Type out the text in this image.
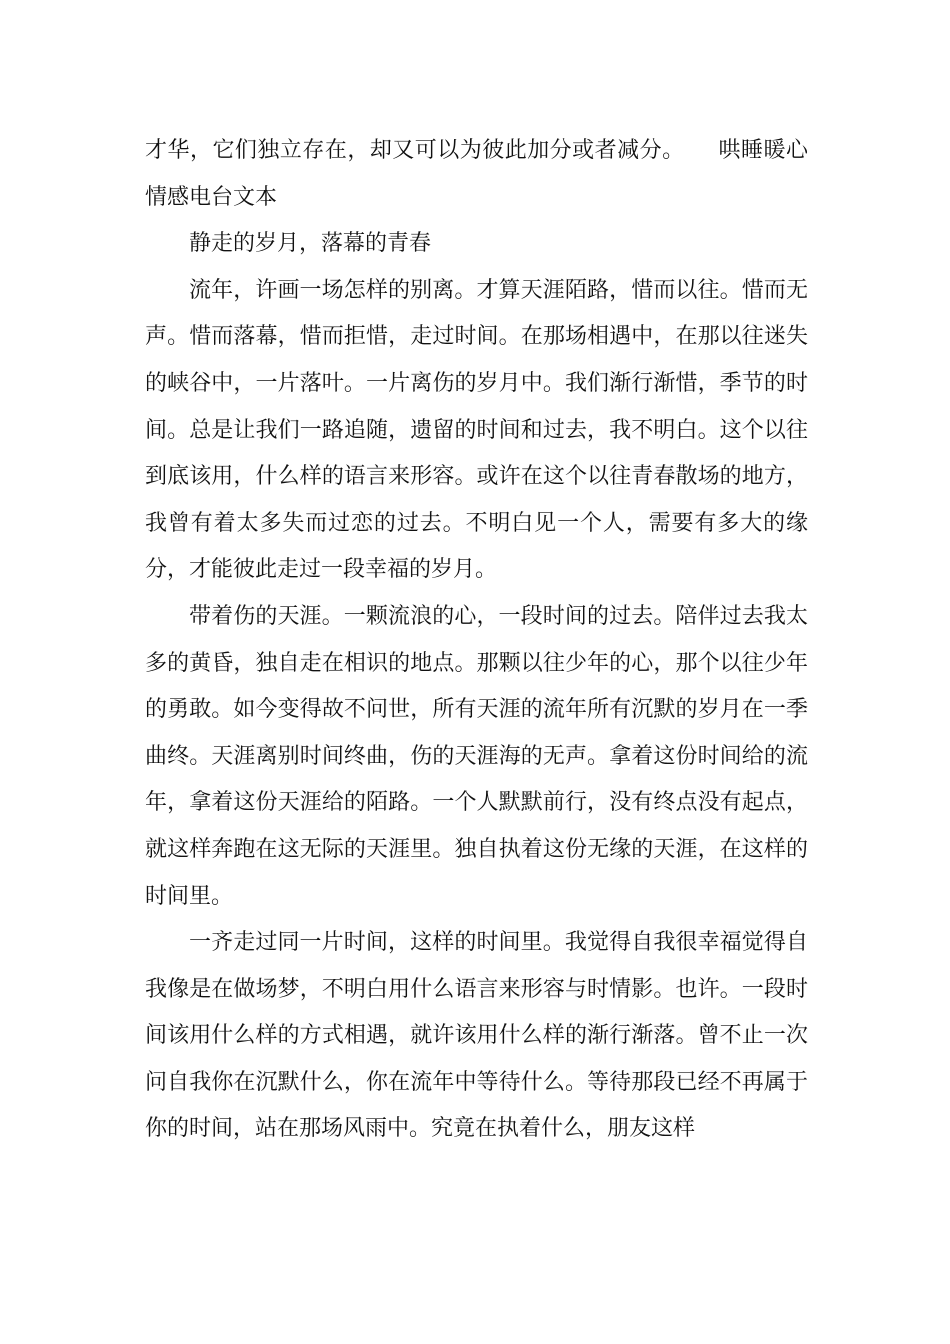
才华，它们独立存在，却又可以为彼此加分或者减分。　　哄睡暖心情感电台文本

静走的岁月，落幕的青春

流年，许画一场怎样的别离。才算天涯陌路，惜而以往。惜而无声。惜而落幕，惜而拒惜，走过时间。在那场相遇中，在那以往迷失的峡谷中，一片落叶。一片离伤的岁月中。我们渐行渐惜，季节的时间。总是让我们一路追随，遗留的时间和过去，我不明白。这个以往到底该用，什么样的语言来形容。或许在这个以往青春散场的地方，我曾有着太多失而过恋的过去。不明白见一个人，需要有多大的缘分，才能彼此走过一段幸福的岁月。

带着伤的天涯。一颗流浪的心，一段时间的过去。陪伴过去我太多的黄昏，独自走在相识的地点。那颗以往少年的心，那个以往少年的勇敢。如今变得故不问世，所有天涯的流年所有沉默的岁月在一季曲终。天涯离别时间终曲，伤的天涯海的无声。拿着这份时间给的流年，拿着这份天涯给的陌路。一个人默默前行，没有终点没有起点，就这样奔跑在这无际的天涯里。独自执着这份无缘的天涯，在这样的时间里。

一齐走过同一片时间，这样的时间里。我觉得自我很幸福觉得自我像是在做场梦，不明白用什么语言来形容与时情影。也许。一段时间该用什么样的方式相遇，就许该用什么样的渐行渐落。曾不止一次问自我你在沉默什么，你在流年中等待什么。等待那段已经不再属于你的时间，站在那场风雨中。究竟在执着什么，朋友这样
